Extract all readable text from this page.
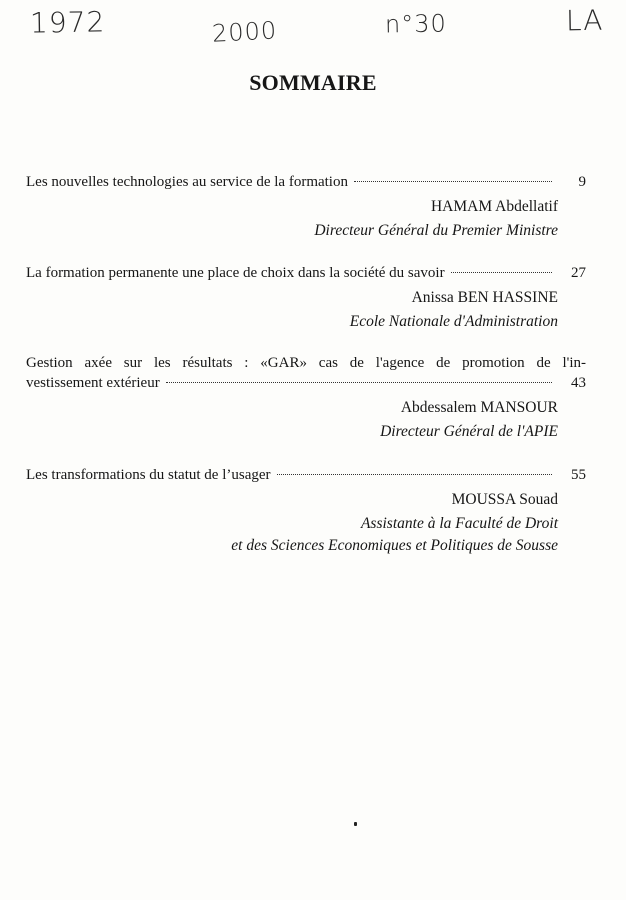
1972	2000	n°30	LA
SOMMAIRE
Les nouvelles technologies au service de la formation	9
HAMAM Abdellatif
Directeur Général du Premier Ministre
La formation permanente une place de choix dans la société du savoir	27
Anissa BEN HASSINE
Ecole Nationale d'Administration
Gestion axée sur les résultats : «GAR» cas de l'agence de promotion de l'in-
vestissement extérieur	43
Abdessalem MANSOUR
Directeur Général de l'APIE
Les transformations du statut de l’usager	55
MOUSSA Souad
Assistante à la Faculté de Droit
et des Sciences Economiques et Politiques de Sousse
